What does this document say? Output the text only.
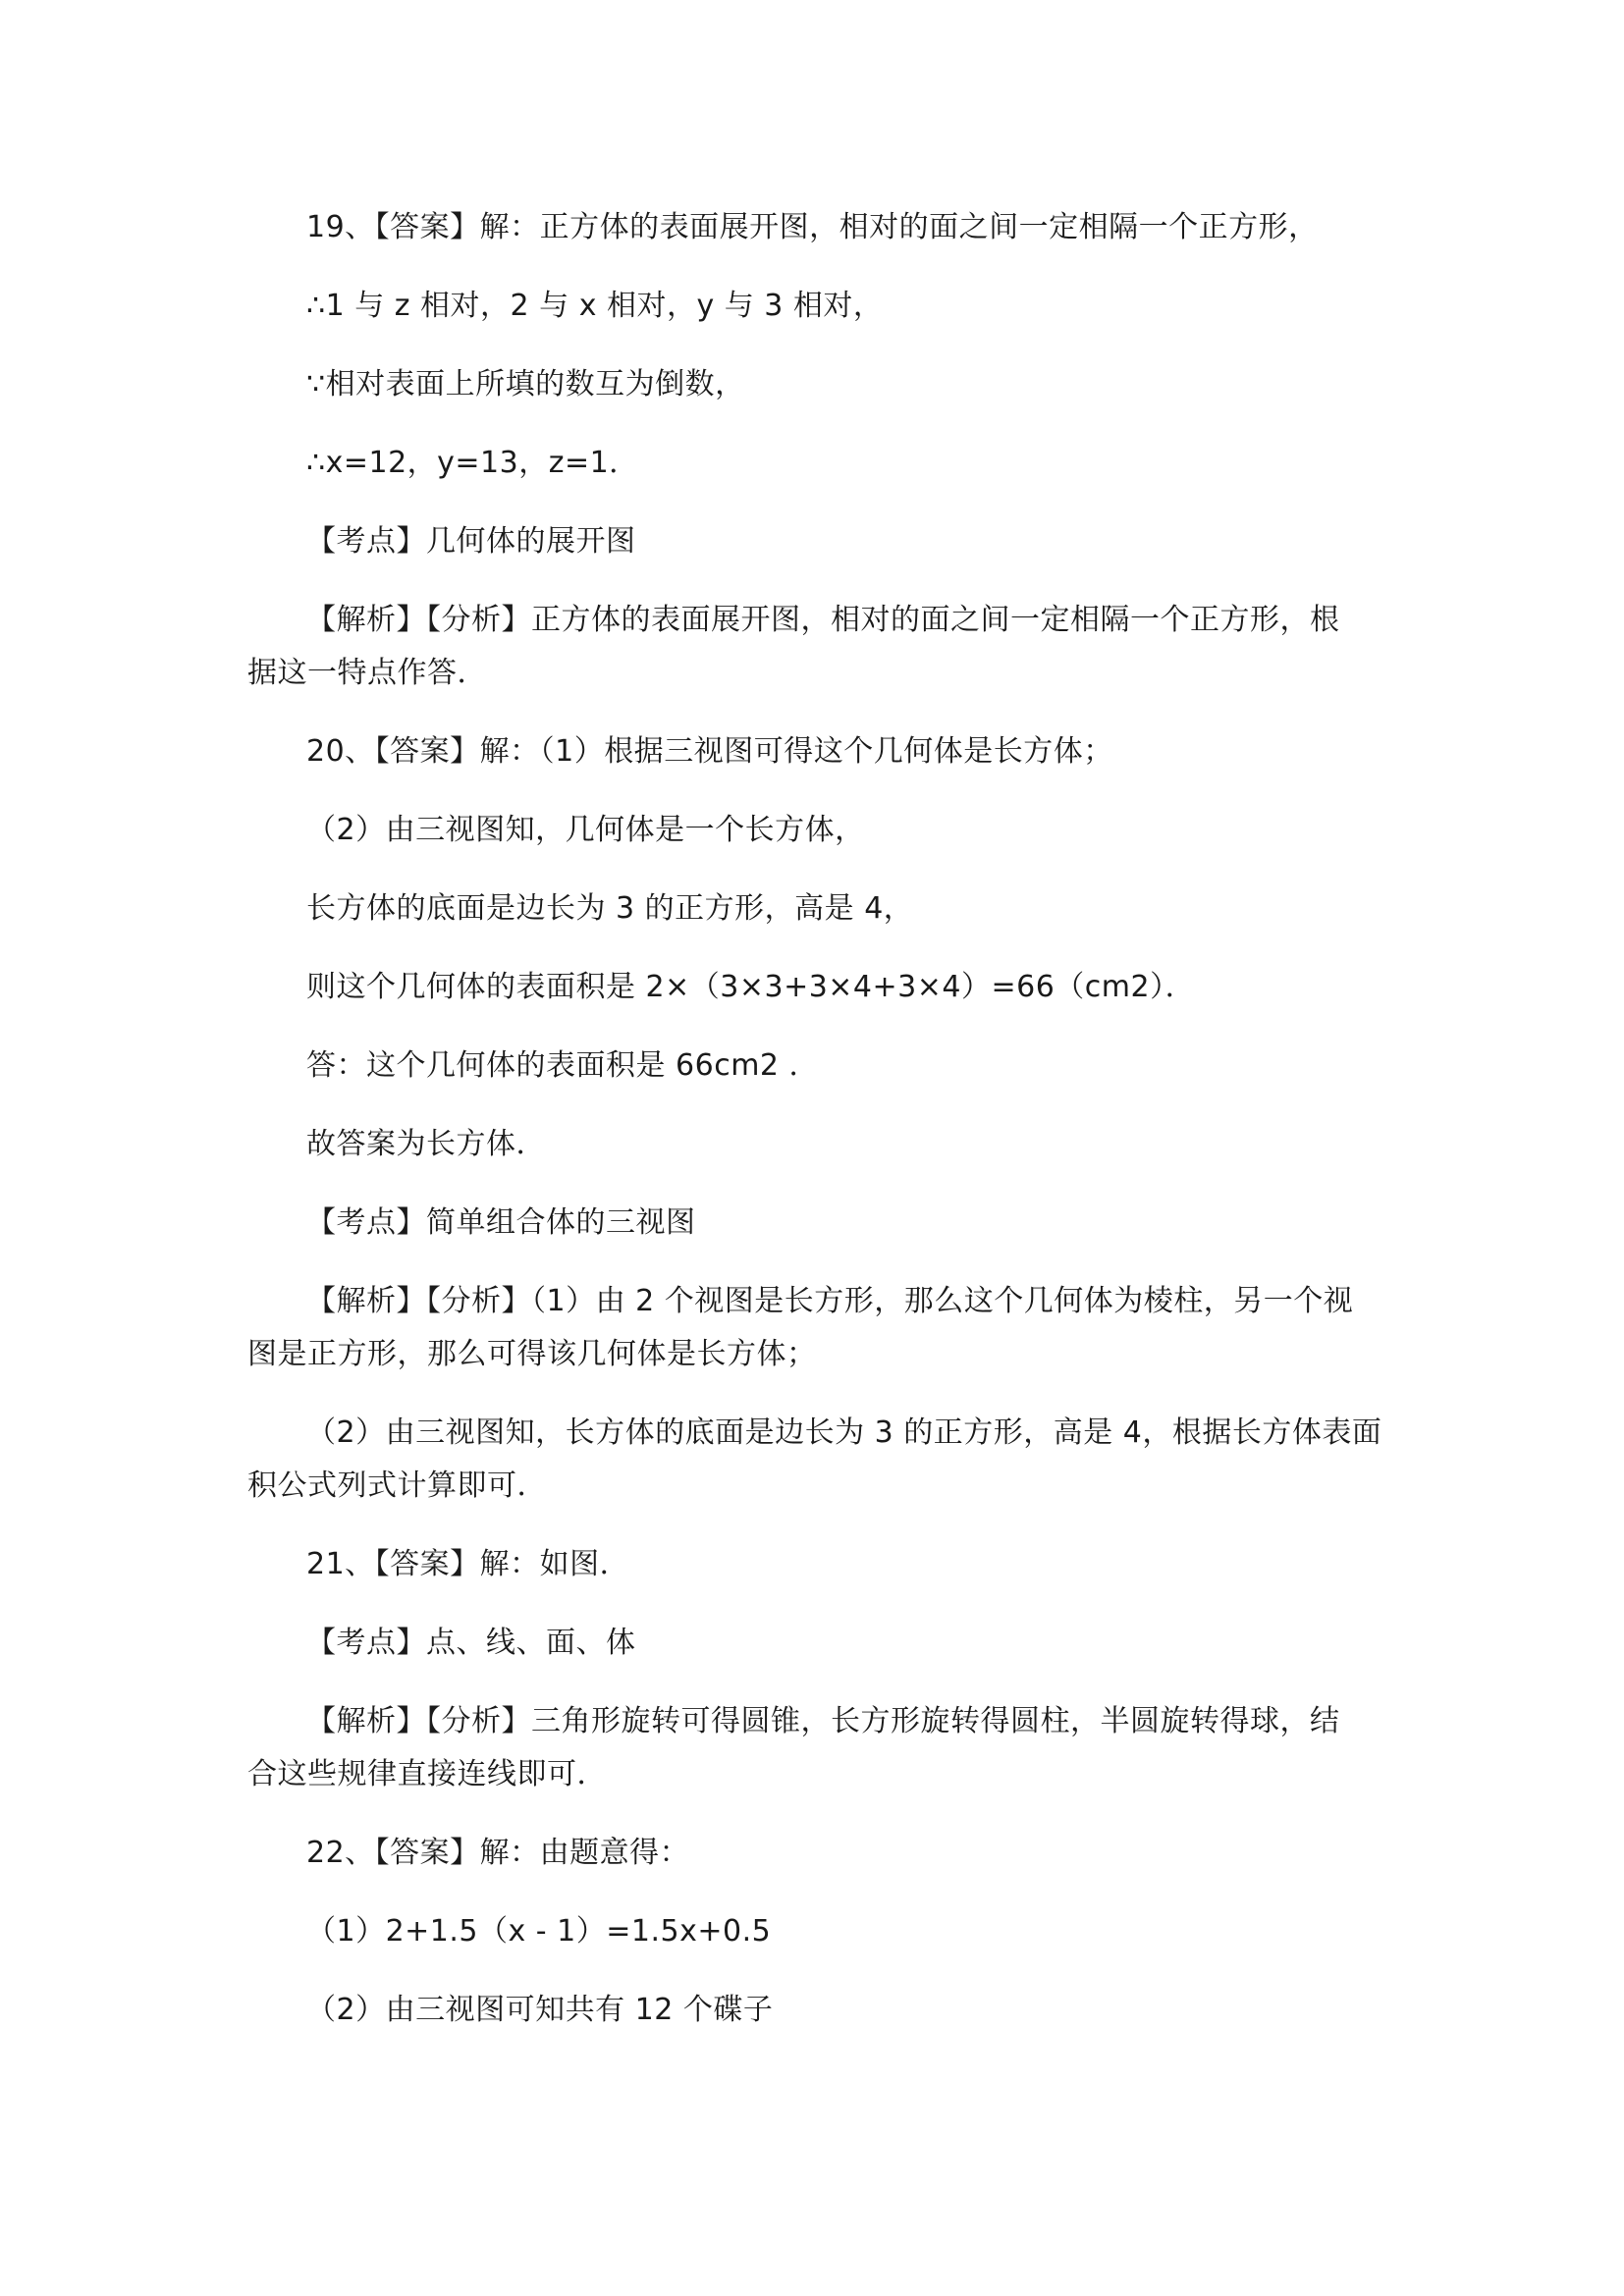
19、【答案】解：正方体的表面展开图，相对的面之间一定相隔一个正方形，
∴1 与 z 相对，2 与 x 相对，y 与 3 相对，
∵相对表面上所填的数互为倒数，
∴x=12，y=13，z=1．
【考点】几何体的展开图
【解析】【分析】正方体的表面展开图，相对的面之间一定相隔一个正方形，根
据这一特点作答．
20、【答案】解：（1）根据三视图可得这个几何体是长方体；
（2）由三视图知，几何体是一个长方体，
长方体的底面是边长为 3 的正方形，高是 4，
则这个几何体的表面积是 2×（3×3+3×4+3×4）=66（cm2）．
答：这个几何体的表面积是 66cm2 ．
故答案为长方体．
【考点】简单组合体的三视图
【解析】【分析】（1）由 2 个视图是长方形，那么这个几何体为棱柱，另一个视
图是正方形，那么可得该几何体是长方体；
（2）由三视图知，长方体的底面是边长为 3 的正方形，高是 4，根据长方体表面
积公式列式计算即可．
21、【答案】解：如图．
【考点】点、线、面、体
【解析】【分析】三角形旋转可得圆锥，长方形旋转得圆柱，半圆旋转得球，结
合这些规律直接连线即可．
22、【答案】解：由题意得：
（1）2+1.5（x - 1）=1.5x+0.5
（2）由三视图可知共有 12 个碟子
